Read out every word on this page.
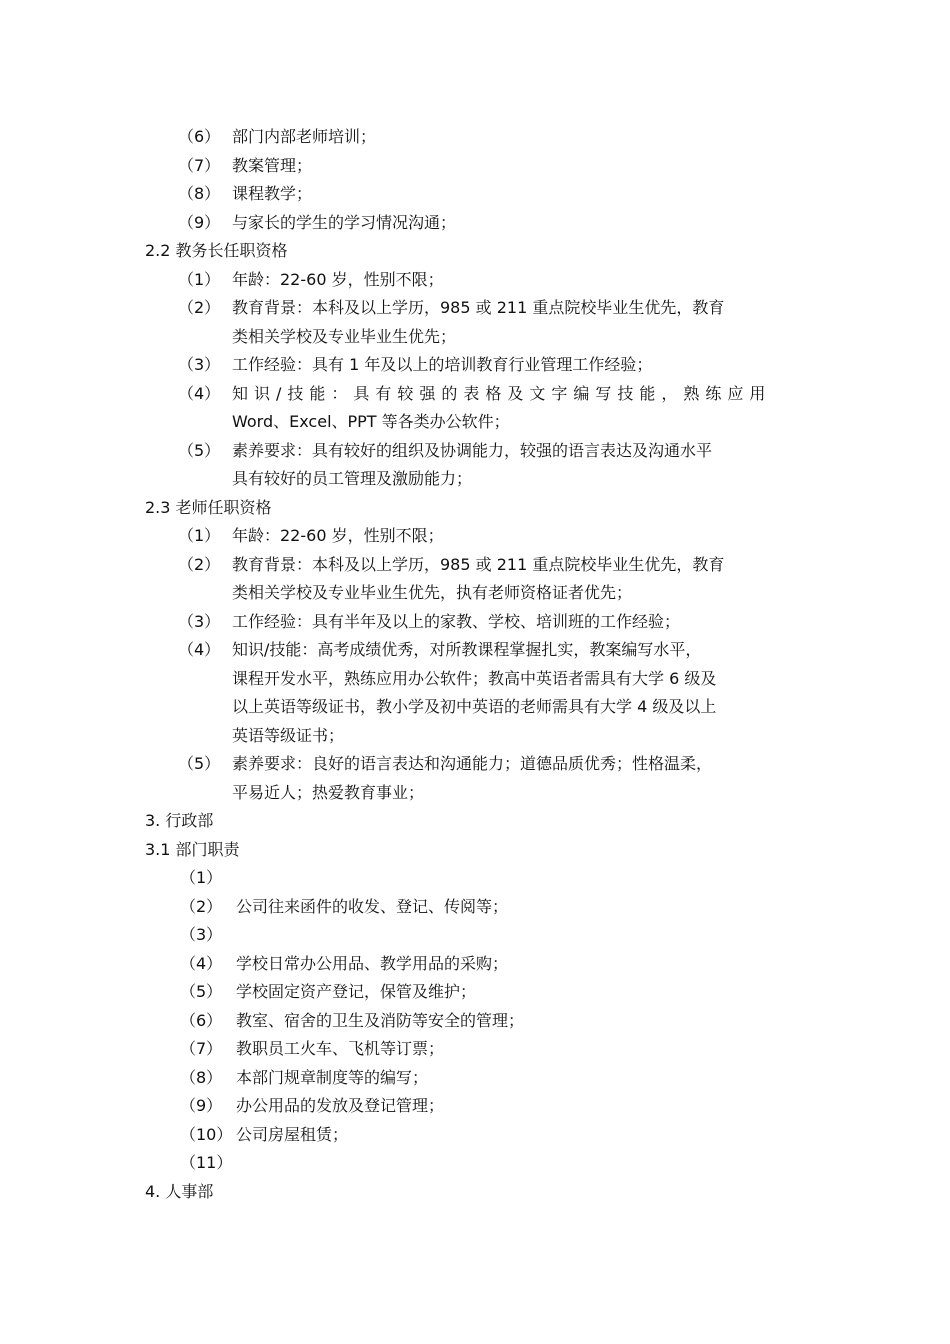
（6） 部门内部老师培训；
（7） 教案管理；
（8） 课程教学；
（9） 与家长的学生的学习情况沟通；
2.2 教务长任职资格
（1） 年龄：22-60 岁，性别不限；
（2） 教育背景：本科及以上学历，985 或 211 重点院校毕业生优先，教育
类相关学校及专业毕业生优先；
（3） 工作经验：具有 1 年及以上的培训教育行业管理工作经验；
（4） 知识/技能：具有较强的表格及文字编写技能，熟练应用
Word、Excel、PPT 等各类办公软件；
（5） 素养要求：具有较好的组织及协调能力，较强的语言表达及沟通水平
具有较好的员工管理及激励能力；
2.3 老师任职资格
（1） 年龄：22-60 岁，性别不限；
（2） 教育背景：本科及以上学历，985 或 211 重点院校毕业生优先，教育
类相关学校及专业毕业生优先，执有老师资格证者优先；
（3） 工作经验：具有半年及以上的家教、学校、培训班的工作经验；
（4） 知识/技能：高考成绩优秀，对所教课程掌握扎实，教案编写水平，
课程开发水平，熟练应用办公软件；教高中英语者需具有大学 6 级及
以上英语等级证书，教小学及初中英语的老师需具有大学 4 级及以上
英语等级证书；
（5） 素养要求：良好的语言表达和沟通能力；道德品质优秀；性格温柔，
平易近人；热爱教育事业；
3. 行政部
3.1 部门职责
（1）
（2） 公司往来函件的收发、登记、传阅等；
（3）
（4） 学校日常办公用品、教学用品的采购；
（5） 学校固定资产登记，保管及维护；
（6） 教室、宿舍的卫生及消防等安全的管理；
（7） 教职员工火车、飞机等订票；
（8） 本部门规章制度等的编写；
（9） 办公用品的发放及登记管理；
（10） 公司房屋租赁；
（11）
4. 人事部
